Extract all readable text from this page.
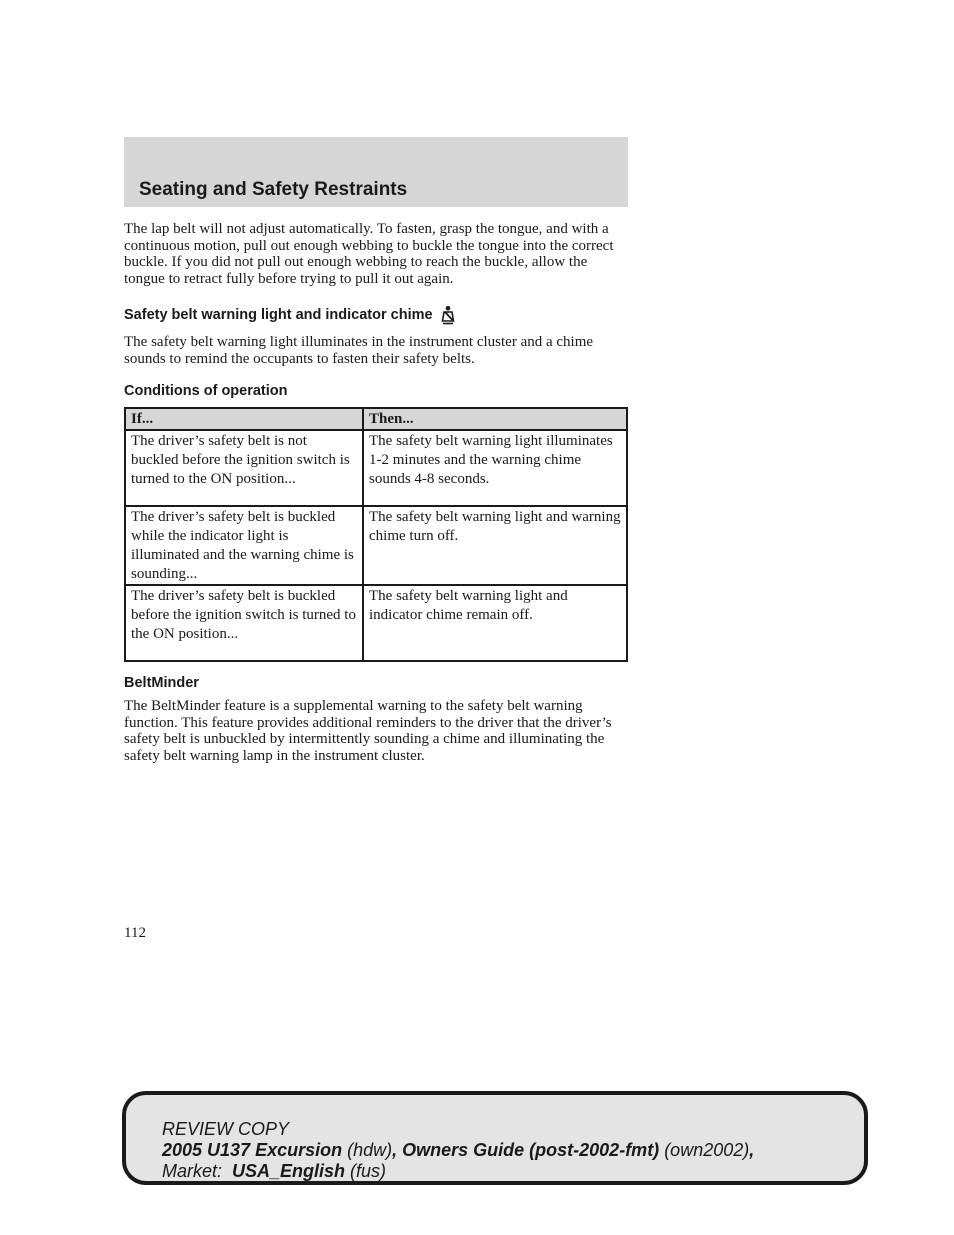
Seating and Safety Restraints

The lap belt will not adjust automatically. To fasten, grasp the tongue, and with a continuous motion, pull out enough webbing to buckle the tongue into the correct buckle. If you did not pull out enough webbing to reach the buckle, allow the tongue to retract fully before trying to pull it out again.

Safety belt warning light and indicator chime

The safety belt warning light illuminates in the instrument cluster and a chime sounds to remind the occupants to fasten their safety belts.

Conditions of operation
If...	Then...
The driver’s safety belt is not buckled before the ignition switch is turned to the ON position...	The safety belt warning light illuminates 1-2 minutes and the warning chime sounds 4-8 seconds.
The driver’s safety belt is buckled while the indicator light is illuminated and the warning chime is sounding...	The safety belt warning light and warning chime turn off.
The driver’s safety belt is buckled before the ignition switch is turned to the ON position...	The safety belt warning light and indicator chime remain off.
BeltMinder

The BeltMinder feature is a supplemental warning to the safety belt warning function. This feature provides additional reminders to the driver that the driver’s safety belt is unbuckled by intermittently sounding a chime and illuminating the safety belt warning lamp in the instrument cluster.

112
REVIEW COPY
2005 U137 Excursion (hdw), Owners Guide (post-2002-fmt) (own2002),
Market:  USA_English (fus)
